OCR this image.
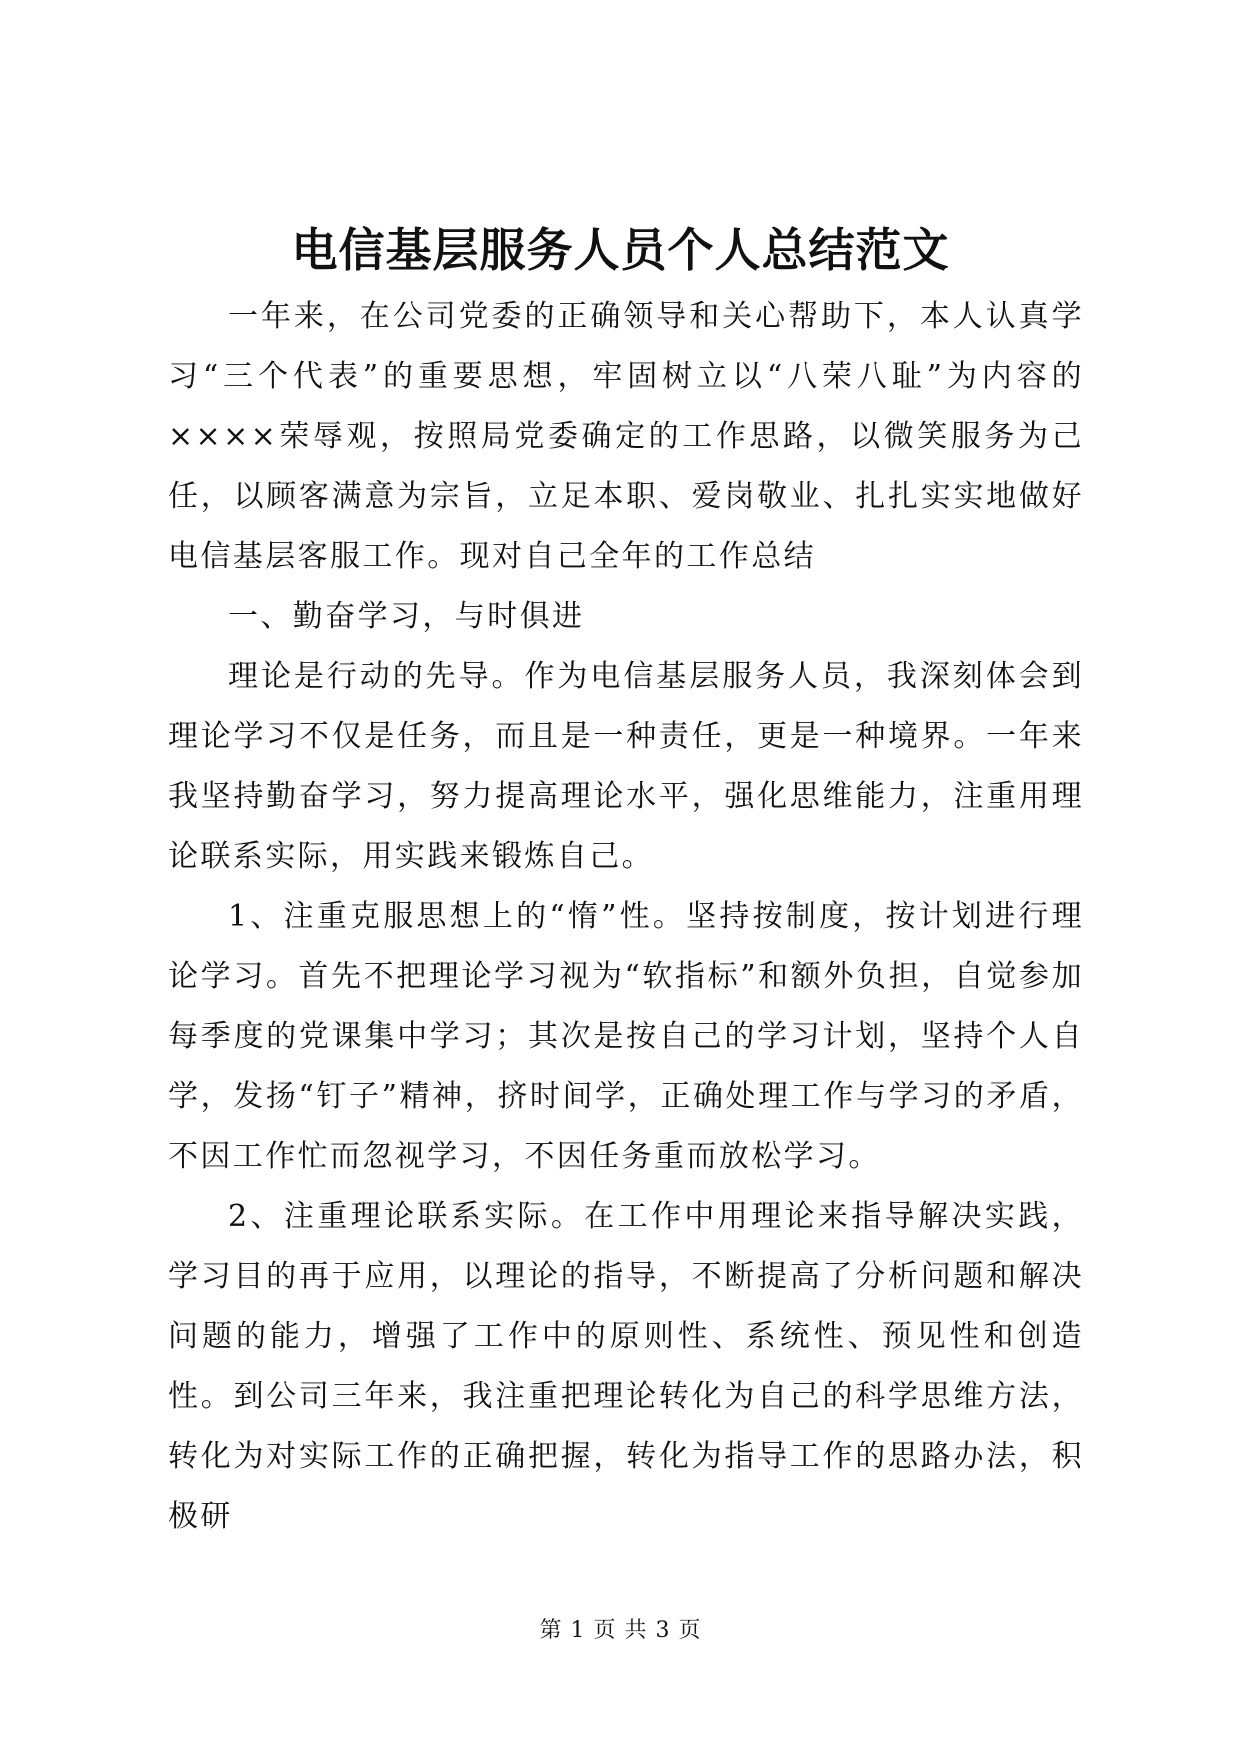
电信基层服务人员个人总结范文

一年来，在公司党委的正确领导和关心帮助下，本人认真学习“三个代表”的重要思想，牢固树立以“八荣八耻”为内容的××××荣辱观，按照局党委确定的工作思路，以微笑服务为己任，以顾客满意为宗旨，立足本职、爱岗敬业、扎扎实实地做好电信基层客服工作。现对自己全年的工作总结

一、勤奋学习，与时俱进

理论是行动的先导。作为电信基层服务人员，我深刻体会到理论学习不仅是任务，而且是一种责任，更是一种境界。一年来我坚持勤奋学习，努力提高理论水平，强化思维能力，注重用理论联系实际，用实践来锻炼自己。

1、注重克服思想上的“惰”性。坚持按制度，按计划进行理论学习。首先不把理论学习视为“软指标”和额外负担，自觉参加每季度的党课集中学习；其次是按自己的学习计划，坚持个人自学，发扬“钉子”精神，挤时间学，正确处理工作与学习的矛盾，不因工作忙而忽视学习，不因任务重而放松学习。

2、注重理论联系实际。在工作中用理论来指导解决实践，学习目的再于应用，以理论的指导，不断提高了分析问题和解决问题的能力，增强了工作中的原则性、系统性、预见性和创造性。到公司三年来，我注重把理论转化为自己的科学思维方法，转化为对实际工作的正确把握，转化为指导工作的思路办法，积极研

第 1 页 共 3 页
